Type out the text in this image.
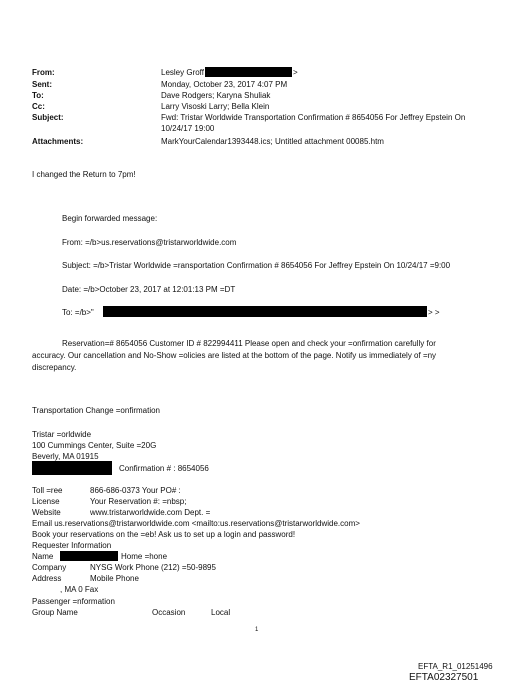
From:	Lesley Groff	>
Sent:	Monday, October 23, 2017 4:07 PM
To:	Dave Rodgers; Karyna Shuliak
Cc:	Larry Visoski Larry; Bella Klein
Subject:	Fwd: Tristar Worldwide Transportation Confirmation # 8654056 For Jeffrey Epstein On
10/24/17 19:00
Attachments:	MarkYourCalendar1393448.ics; Untitled attachment 00085.htm
I changed the Return to 7pm!
Begin forwarded message:
From: =/b>us.reservations@tristarworldwide.com
Subject: =/b>Tristar Worldwide =ransportation Confirmation # 8654056 For Jeffrey Epstein On 10/24/17 =9:00
Date: =/b>October 23, 2017 at 12:01:13 PM =DT
To: =/b>"	> >
Reservation=# 8654056 Customer ID # 822994411 Please open and check your =onfirmation carefully for
accuracy. Our cancellation and No-Show =olicies are listed at the bottom of the page. Notify us immediately of =ny
discrepancy.
Transportation Change =onfirmation
Tristar =orldwide
100 Cummings Center, Suite =20G
Beverly, MA 01915
Confirmation # : 8654056
Toll =ree	866-686-0373 Your PO# :
License	Your Reservation #: =nbsp;
Website	www.tristarworldwide.com Dept. =
Email us.reservations@tristarworldwide.com <mailto:us.reservations@tristarworldwide.com>
Book your reservations on the =eb! Ask us to set up a login and password!
Requester Information
Name	Home =hone
Company	NYSG Work Phone (212) =50-9895
Address	Mobile Phone
, MA 0 Fax
Passenger =nformation
Group Name	Occasion	Local
1
EFTA_R1_01251496
EFTA02327501
